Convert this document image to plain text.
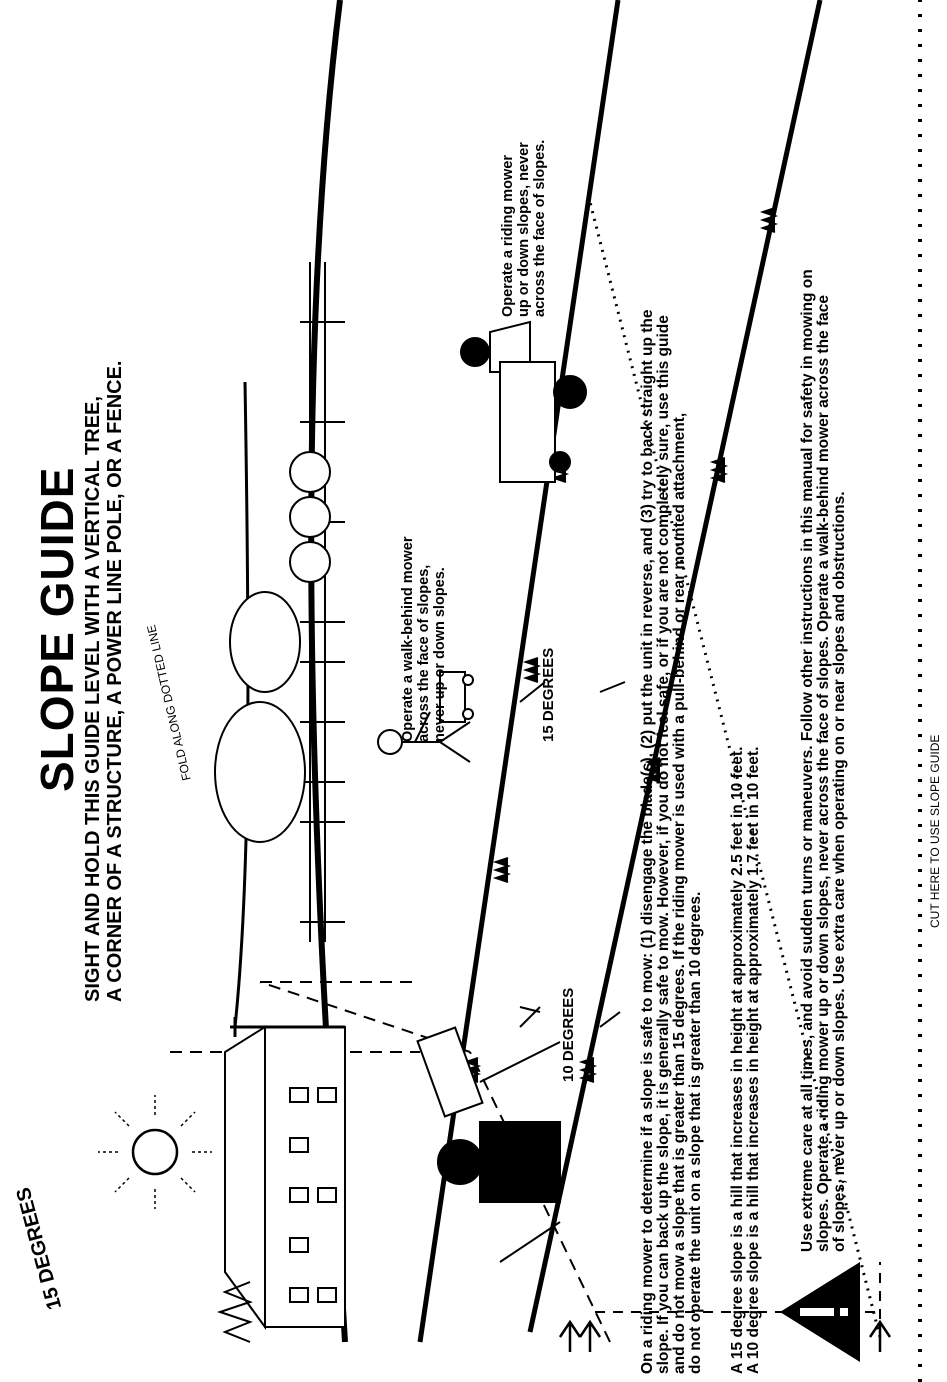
SLOPE GUIDE SIGHT AND HOLD THIS GUIDE LEVEL WITH A VERTICAL TREE, A CORNER OF A STRUCTURE, A POWER LINE POLE, OR A FENCE.
15 DEGREES
FOLD ALONG DOTTED LINE
10 DEGREES
15 DEGREES
Operate a walk-behind mower across the face of slopes, never up or down slopes.
Operate a riding mower up or down slopes, never across the face of slopes.
On a riding mower to determine if a slope is safe to mow: (1) disengage the blade(s), (2) put the unit in reverse, and (3) try to back straight up the slope. If you can back up the slope, it is generally safe to mow. However, if you do not feel safe, or if you are not completely sure, use this guide and do not mow a slope that is greater than 15 degrees. If the riding mower is used with a pull-behind or rear mounted attachment, do not operate the unit on a slope that is greater than 10 degrees. A 15 degree slope is a hill that increases in height at approximately 2.5 feet in 10 feet. A 10 degree slope is a hill that increases in height at approximately 1.7 feet in 10 feet. Use extreme care at all times, and avoid sudden turns or maneuvers. Follow other instructions in this manual for safety in mowing on slopes. Operate a riding mower up or down slopes, never across the face of slopes. Operate a walk-behind mower across the face of slopes, never up or down slopes. Use extra care when operating on or near slopes and obstructions.	CUT HERE TO USE SLOPE GUIDE
